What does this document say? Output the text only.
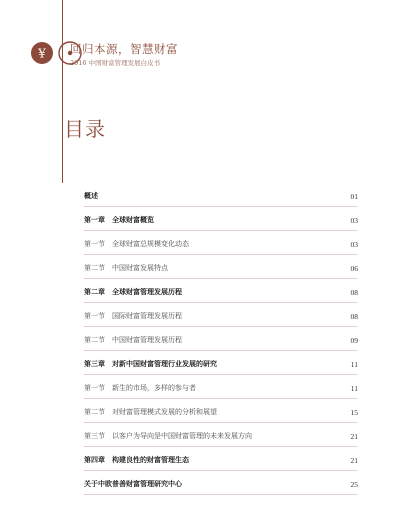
¥ 回归本源，智慧财富
2016 中国财富管理发展白皮书
目录
概述	01
第一章　全球财富概览	03
第一节　全球财富总规模变化动态	03
第二节　中国财富发展特点	06
第二章　全球财富管理发展历程	08
第一节　国际财富管理发展历程	08
第二节　中国财富管理发展历程	09
第三章　对新中国财富管理行业发展的研究	11
第一节　新生的市场，多样的参与者	11
第二节　对财富管理模式发展的分析和展望	15
第三节　以客户为导向是中国财富管理的未来发展方向	21
第四章　构建良性的财富管理生态	21
关于中欧普善财富管理研究中心	25
